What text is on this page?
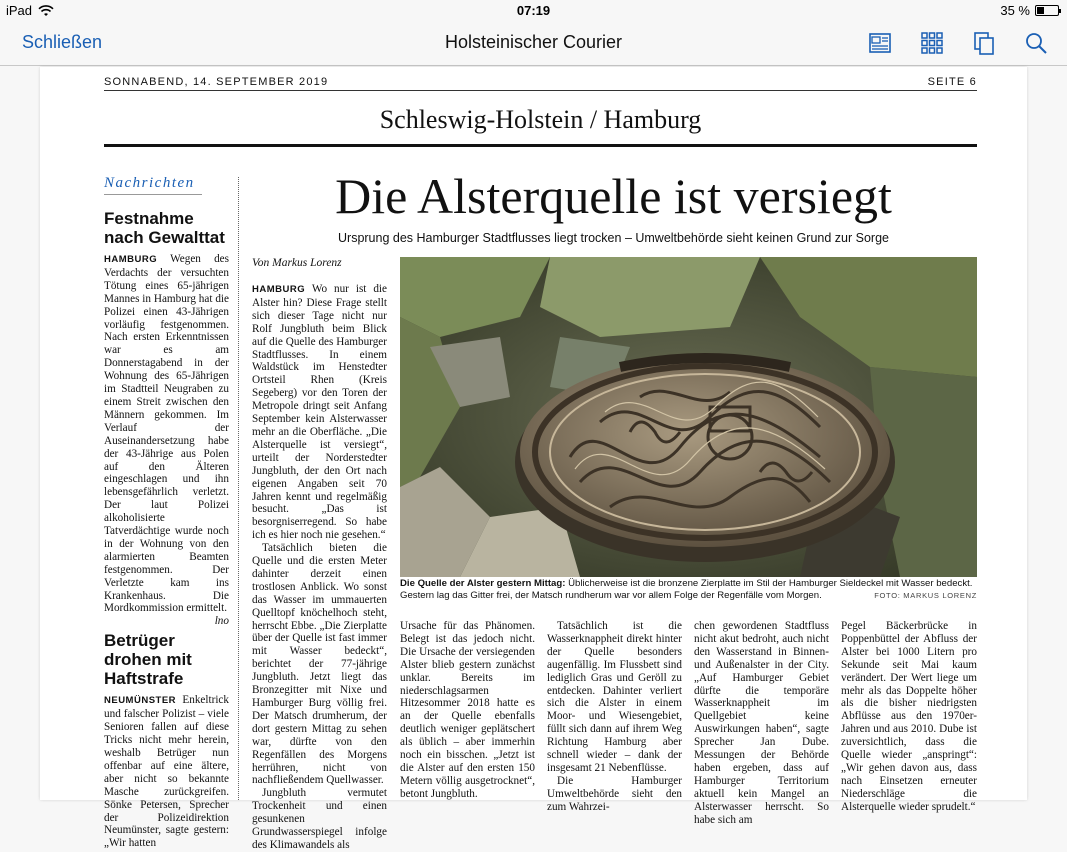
iPad	07:19	35 %
Schließen	Holsteinischer Courier
SONNABEND, 14. SEPTEMBER 2019	SEITE 6
Schleswig-Holstein / Hamburg
Nachrichten
Festnahme nach Gewalttat
HAMBURG Wegen des Verdachts der versuchten Tötung eines 65-jährigen Mannes in Hamburg hat die Polizei einen 43-Jährigen vorläufig festgenommen. Nach ersten Erkenntnissen war es am Donnerstagabend in der Wohnung des 65-Jährigen im Stadtteil Neugraben zu einem Streit zwischen den Männern gekommen. Im Verlauf der Auseinandersetzung habe der 43-Jährige aus Polen auf den Älteren eingeschlagen und ihn lebensgefährlich verletzt. Der laut Polizei alkoholisierte Tatverdächtige wurde noch in der Wohnung von den alarmierten Beamten festgenommen. Der Verletzte kam ins Krankenhaus. Die Mordkommission ermittelt.
lno
Betrüger drohen mit Haftstrafe
NEUMÜNSTER Enkeltrick und falscher Polizist – viele Senioren fallen auf diese Tricks nicht mehr herein, weshalb Betrüger nun offenbar auf eine ältere, aber nicht so bekannte Masche zurückgreifen. Sönke Petersen, Sprecher der Polizeidirektion Neumünster, sagte gestern: „Wir hatten
Die Alsterquelle ist versiegt
Ursprung des Hamburger Stadtflusses liegt trocken – Umweltbehörde sieht keinen Grund zur Sorge
Von Markus Lorenz

HAMBURG Wo nur ist die Alster hin? Diese Frage stellt sich dieser Tage nicht nur Rolf Jungbluth beim Blick auf die Quelle des Hamburger Stadtflusses. In einem Waldstück im Henstedter Ortsteil Rhen (Kreis Segeberg) vor den Toren der Metropole dringt seit Anfang September kein Alsterwasser mehr an die Oberfläche. „Die Alsterquelle ist versiegt“, urteilt der Norderstedter Jungbluth, der den Ort nach eigenen Angaben seit 70 Jahren kennt und regelmäßig besucht. „Das ist besorgniserregend. So habe ich es hier noch nie gesehen.“

Tatsächlich bieten die Quelle und die ersten Meter dahinter derzeit einen trostlosen Anblick. Wo sonst das Wasser im ummauerten Quelltopf knöchelhoch steht, herrscht Ebbe. „Die Zierplatte über der Quelle ist fast immer mit Wasser bedeckt“, berichtet der 77-jährige Jungbluth. Jetzt liegt das Bronzegitter mit Nixe und Hamburger Burg völlig frei. Der Matsch drumherum, der dort gestern Mittag zu sehen war, dürfte von den Regenfällen des Morgens herrühren, nicht von nachfließendem Quellwasser.

Jungbluth vermutet Trockenheit und einen gesunkenen Grundwasserspiegel infolge des Klimawandels als

Die Quelle der Alster gestern Mittag: Üblicherweise ist die bronzene Zierplatte im Stil der Hamburger Sieldeckel mit Wasser bedeckt. Gestern lag das Gitter frei, der Matsch rundherum war vor allem Folge der Regenfälle vom Morgen.	FOTO: MARKUS LORENZ

Ursache für das Phänomen. Belegt ist das jedoch nicht. Die Ursache der versiegenden Alster blieb gestern zunächst unklar. Bereits im niederschlagsarmen Hitzesommer 2018 hatte es an der Quelle ebenfalls deutlich weniger geplätschert als üblich – aber immerhin noch ein bisschen. „Jetzt ist die Alster auf den ersten 150 Metern völlig ausgetrocknet“, betont Jungbluth.

Tatsächlich ist die Wasserknappheit direkt hinter der Quelle besonders augenfällig. Im Flussbett sind lediglich Gras und Geröll zu entdecken. Dahinter verliert sich die Alster in einem Moor- und Wiesengebiet, füllt sich dann auf ihrem Weg Richtung Hamburg aber schnell wieder – dank der insgesamt 21 Nebenflüsse.

Die Hamburger Umweltbehörde sieht den zum Wahrzei-

chen gewordenen Stadtfluss nicht akut bedroht, auch nicht den Wasserstand in Binnen- und Außenalster in der City. „Auf Hamburger Gebiet dürfte die temporäre Wasserknappheit im Quellgebiet keine Auswirkungen haben“, sagte Sprecher Jan Dube. Messungen der Behörde haben ergeben, dass auf Hamburger Territorium aktuell kein Mangel an Alsterwasser herrscht. So habe sich am

Pegel Bäckerbrücke in Poppenbüttel der Abfluss der Alster bei 1000 Litern pro Sekunde seit Mai kaum verändert. Der Wert liege um mehr als das Doppelte höher als die bisher niedrigsten Abflüsse aus den 1970er-Jahren und aus 2010. Dube ist zuversichtlich, dass die Quelle wieder „anspringt“: „Wir gehen davon aus, dass nach Einsetzen erneuter Niederschläge die Alsterquelle wieder sprudelt.“
